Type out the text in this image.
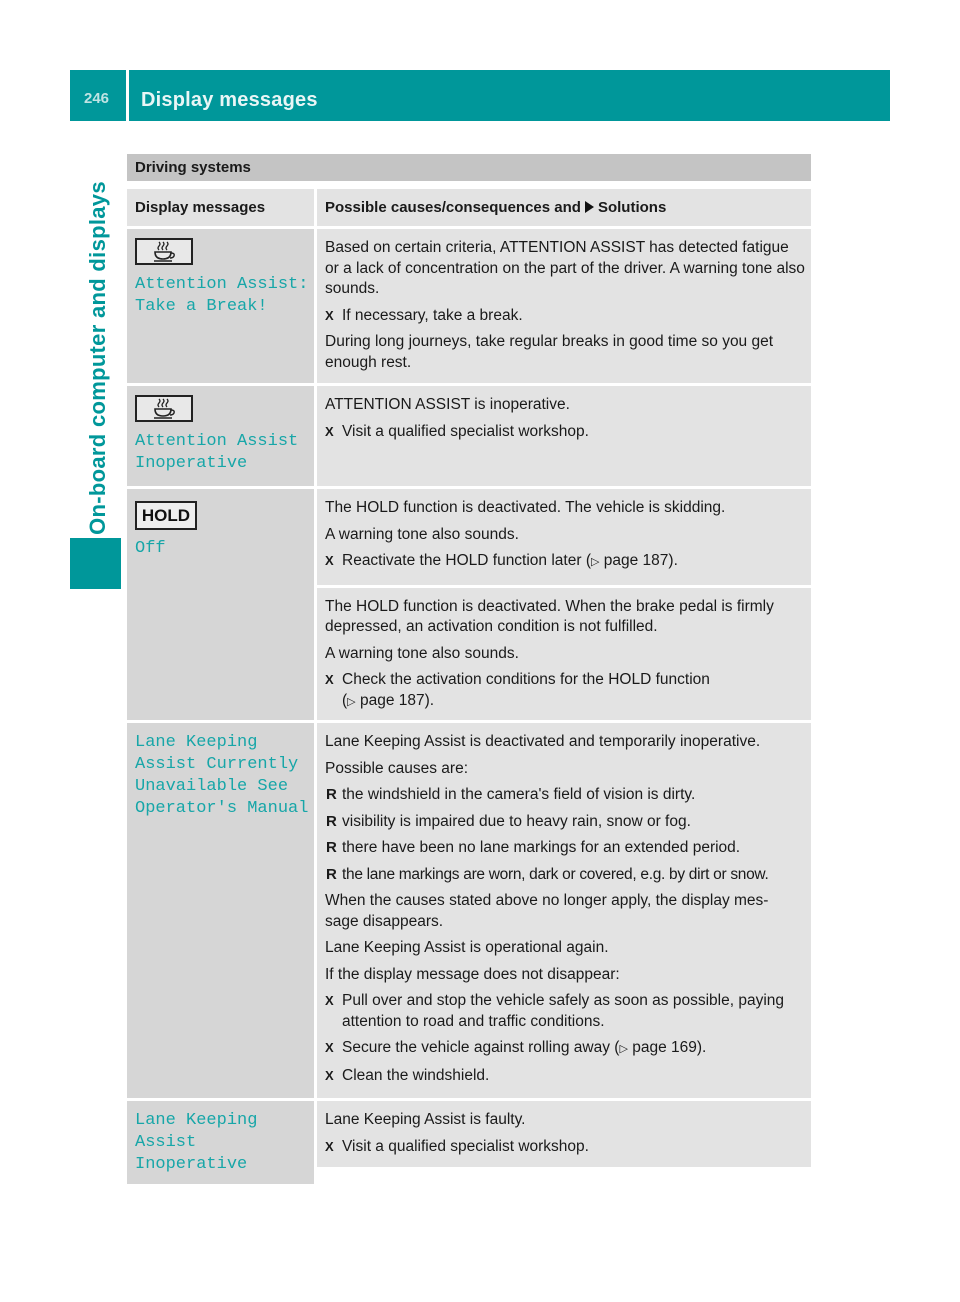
246 Display messages
On-board computer and displays
Driving systems
Display messages	Possible causes/consequences and Solutions
Attention Assist:
Take a Break!

Based on certain criteria, ATTENTION ASSIST has detected fatigue or a lack of concentration on the part of the driver. A warning tone also sounds.

X If necessary, take a break.

During long journeys, take regular breaks in good time so you get enough rest.

Attention Assist
Inoperative

ATTENTION ASSIST is inoperative.

X Visit a qualified specialist workshop.

HOLD
Off

The HOLD function is deactivated. The vehicle is skidding.

A warning tone also sounds.

X Reactivate the HOLD function later (▷ page 187).

The HOLD function is deactivated. When the brake pedal is firmly depressed, an activation condition is not fulfilled.

A warning tone also sounds.

X Check the activation conditions for the HOLD function
(▷ page 187).

Lane Keeping
Assist Currently
Unavailable See
Operator's Manual

Lane Keeping Assist is deactivated and temporarily inoperative.

Possible causes are:

R the windshield in the camera's field of vision is dirty.

R visibility is impaired due to heavy rain, snow or fog.

R there have been no lane markings for an extended period.

R the lane markings are worn, dark or covered, e.g. by dirt or snow.

When the causes stated above no longer apply, the display mes- sage disappears.

Lane Keeping Assist is operational again.

If the display message does not disappear:

X Pull over and stop the vehicle safely as soon as possible, paying attention to road and traffic conditions.

X Secure the vehicle against rolling away (▷ page 169).

X Clean the windshield.

Lane Keeping
Assist Inoperative

Lane Keeping Assist is faulty.

X Visit a qualified specialist workshop.
